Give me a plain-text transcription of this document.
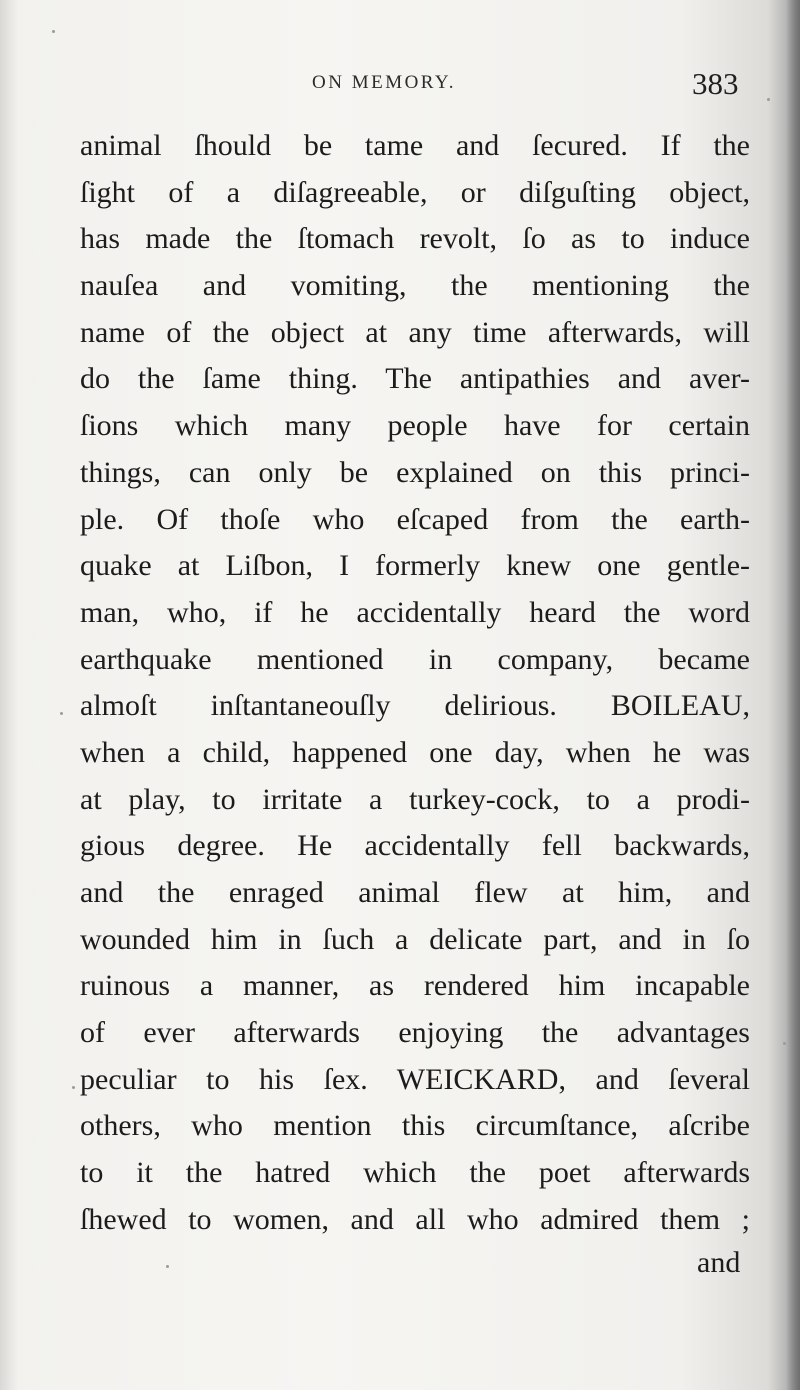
ON MEMORY.	383
animal ſhould be tame and ſecured. If the
ſight of a diſagreeable, or diſguſting object,
has made the ſtomach revolt, ſo as to induce
nauſea and vomiting, the mentioning the
name of the object at any time afterwards, will
do the ſame thing. The antipathies and aver-
ſions which many people have for certain
things, can only be explained on this princi-
ple. Of thoſe who eſcaped from the earth-
quake at Liſbon, I formerly knew one gentle-
man, who, if he accidentally heard the word
earthquake mentioned in company, became
almoſt inſtantaneouſly delirious. BOILEAU,
when a child, happened one day, when he was
at play, to irritate a turkey-cock, to a prodi-
gious degree. He accidentally fell backwards,
and the enraged animal flew at him, and
wounded him in ſuch a delicate part, and in ſo
ruinous a manner, as rendered him incapable
of ever afterwards enjoying the advantages
peculiar to his ſex. WEICKARD, and ſeveral
others, who mention this circumſtance, aſcribe
to it the hatred which the poet afterwards
ſhewed to women, and all who admired them ;
and
